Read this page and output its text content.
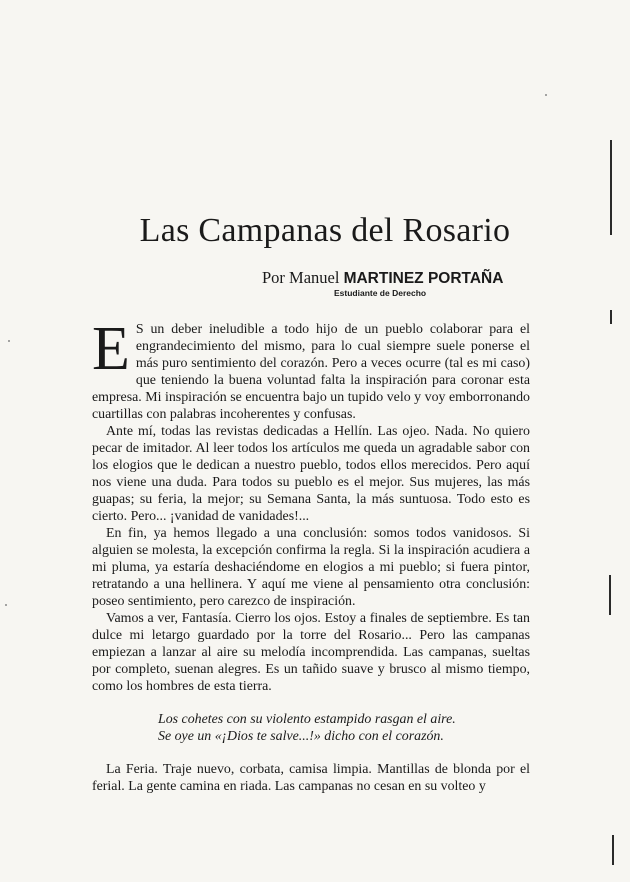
Las Campanas del Rosario
Por Manuel MARTINEZ PORTAÑA
Estudiante de Derecho

E S un deber ineludible a todo hijo de un pueblo colaborar para el engrandecimiento del mismo, para lo cual siempre suele ponerse el más puro sentimiento del corazón. Pero a veces ocurre (tal es mi caso) que teniendo la buena voluntad falta la inspiración para coronar esta empresa. Mi inspiración se encuentra bajo un tupido velo y voy emborronando cuartillas con palabras incoherentes y confusas.

Ante mí, todas las revistas dedicadas a Hellín. Las ojeo. Nada. No quiero pecar de imitador. Al leer todos los artículos me queda un agradable sabor con los elogios que le dedican a nuestro pueblo, todos ellos merecidos. Pero aquí nos viene una duda. Para todos su pueblo es el mejor. Sus mujeres, las más guapas; su feria, la mejor; su Semana Santa, la más suntuosa. Todo esto es cierto. Pero... ¡vanidad de vanidades!...

En fin, ya hemos llegado a una conclusión: somos todos vanidosos. Si alguien se molesta, la excepción confirma la regla. Si la inspiración acudiera a mi pluma, ya estaría deshaciéndome en elogios a mi pueblo; si fuera pintor, retratando a una hellinera. Y aquí me viene al pensamiento otra conclusión: poseo sentimiento, pero carezco de inspiración.

Vamos a ver, Fantasía. Cierro los ojos. Estoy a finales de septiembre. Es tan dulce mi letargo guardado por la torre del Rosario... Pero las campanas empiezan a lanzar al aire su melodía incomprendida. Las campanas, sueltas por completo, suenan alegres. Es un tañido suave y brusco al mismo tiempo, como los hombres de esta tierra.

Los cohetes con su violento estampido rasgan el aire.
Se oye un «¡Dios te salve...!» dicho con el corazón.

La Feria. Traje nuevo, corbata, camisa limpia. Mantillas de blonda por el ferial. La gente camina en riada. Las campanas no cesan en su volteo y
